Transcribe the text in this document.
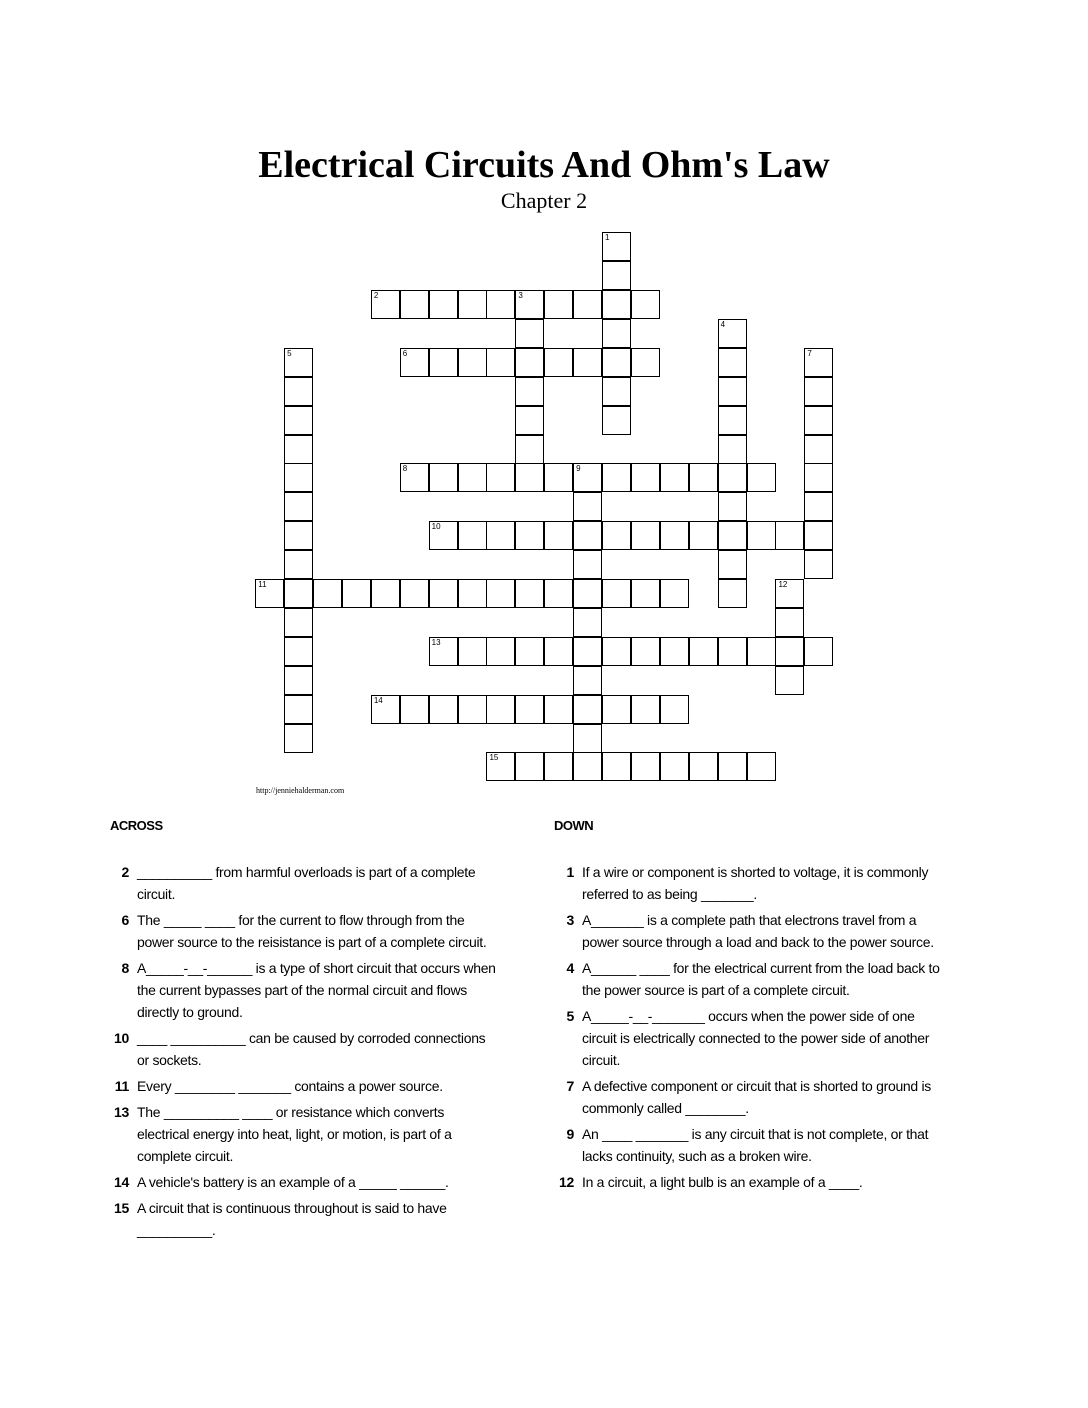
Electrical Circuits And Ohm's Law
Chapter 2
1
2	3
4
5	6	7
8	9
10
11	12
13
14
15
http://jenniehalderman.com
ACROSS	DOWN
2 __________ from harmful overloads is part of a complete circuit.
6 The _____ ____ for the current to flow through from the power source to the reisistance is part of a complete circuit.
8 A_____-__-______ is a type of short circuit that occurs when the current bypasses part of the normal circuit and flows directly to ground.
10 ____ __________ can be caused by corroded connections or sockets.
11 Every ________ _______ contains a power source.
13 The __________ ____ or resistance which converts electrical energy into heat, light, or motion, is part of a complete circuit.
14 A vehicle's battery is an example of a _____ ______.
15 A circuit that is continuous throughout is said to have __________.
1 If a wire or component is shorted to voltage, it is commonly referred to as being _______.
3 A_______ is a complete path that electrons travel from a power source through a load and back to the power source.
4 A______ ____ for the electrical current from the load back to the power source is part of a complete circuit.
5 A_____-__-_______ occurs when the power side of one circuit is electrically connected to the power side of another circuit.
7 A defective component or circuit that is shorted to ground is commonly called ________.
9 An ____ _______ is any circuit that is not complete, or that lacks continuity, such as a broken wire.
12 In a circuit, a light bulb is an example of a ____.
